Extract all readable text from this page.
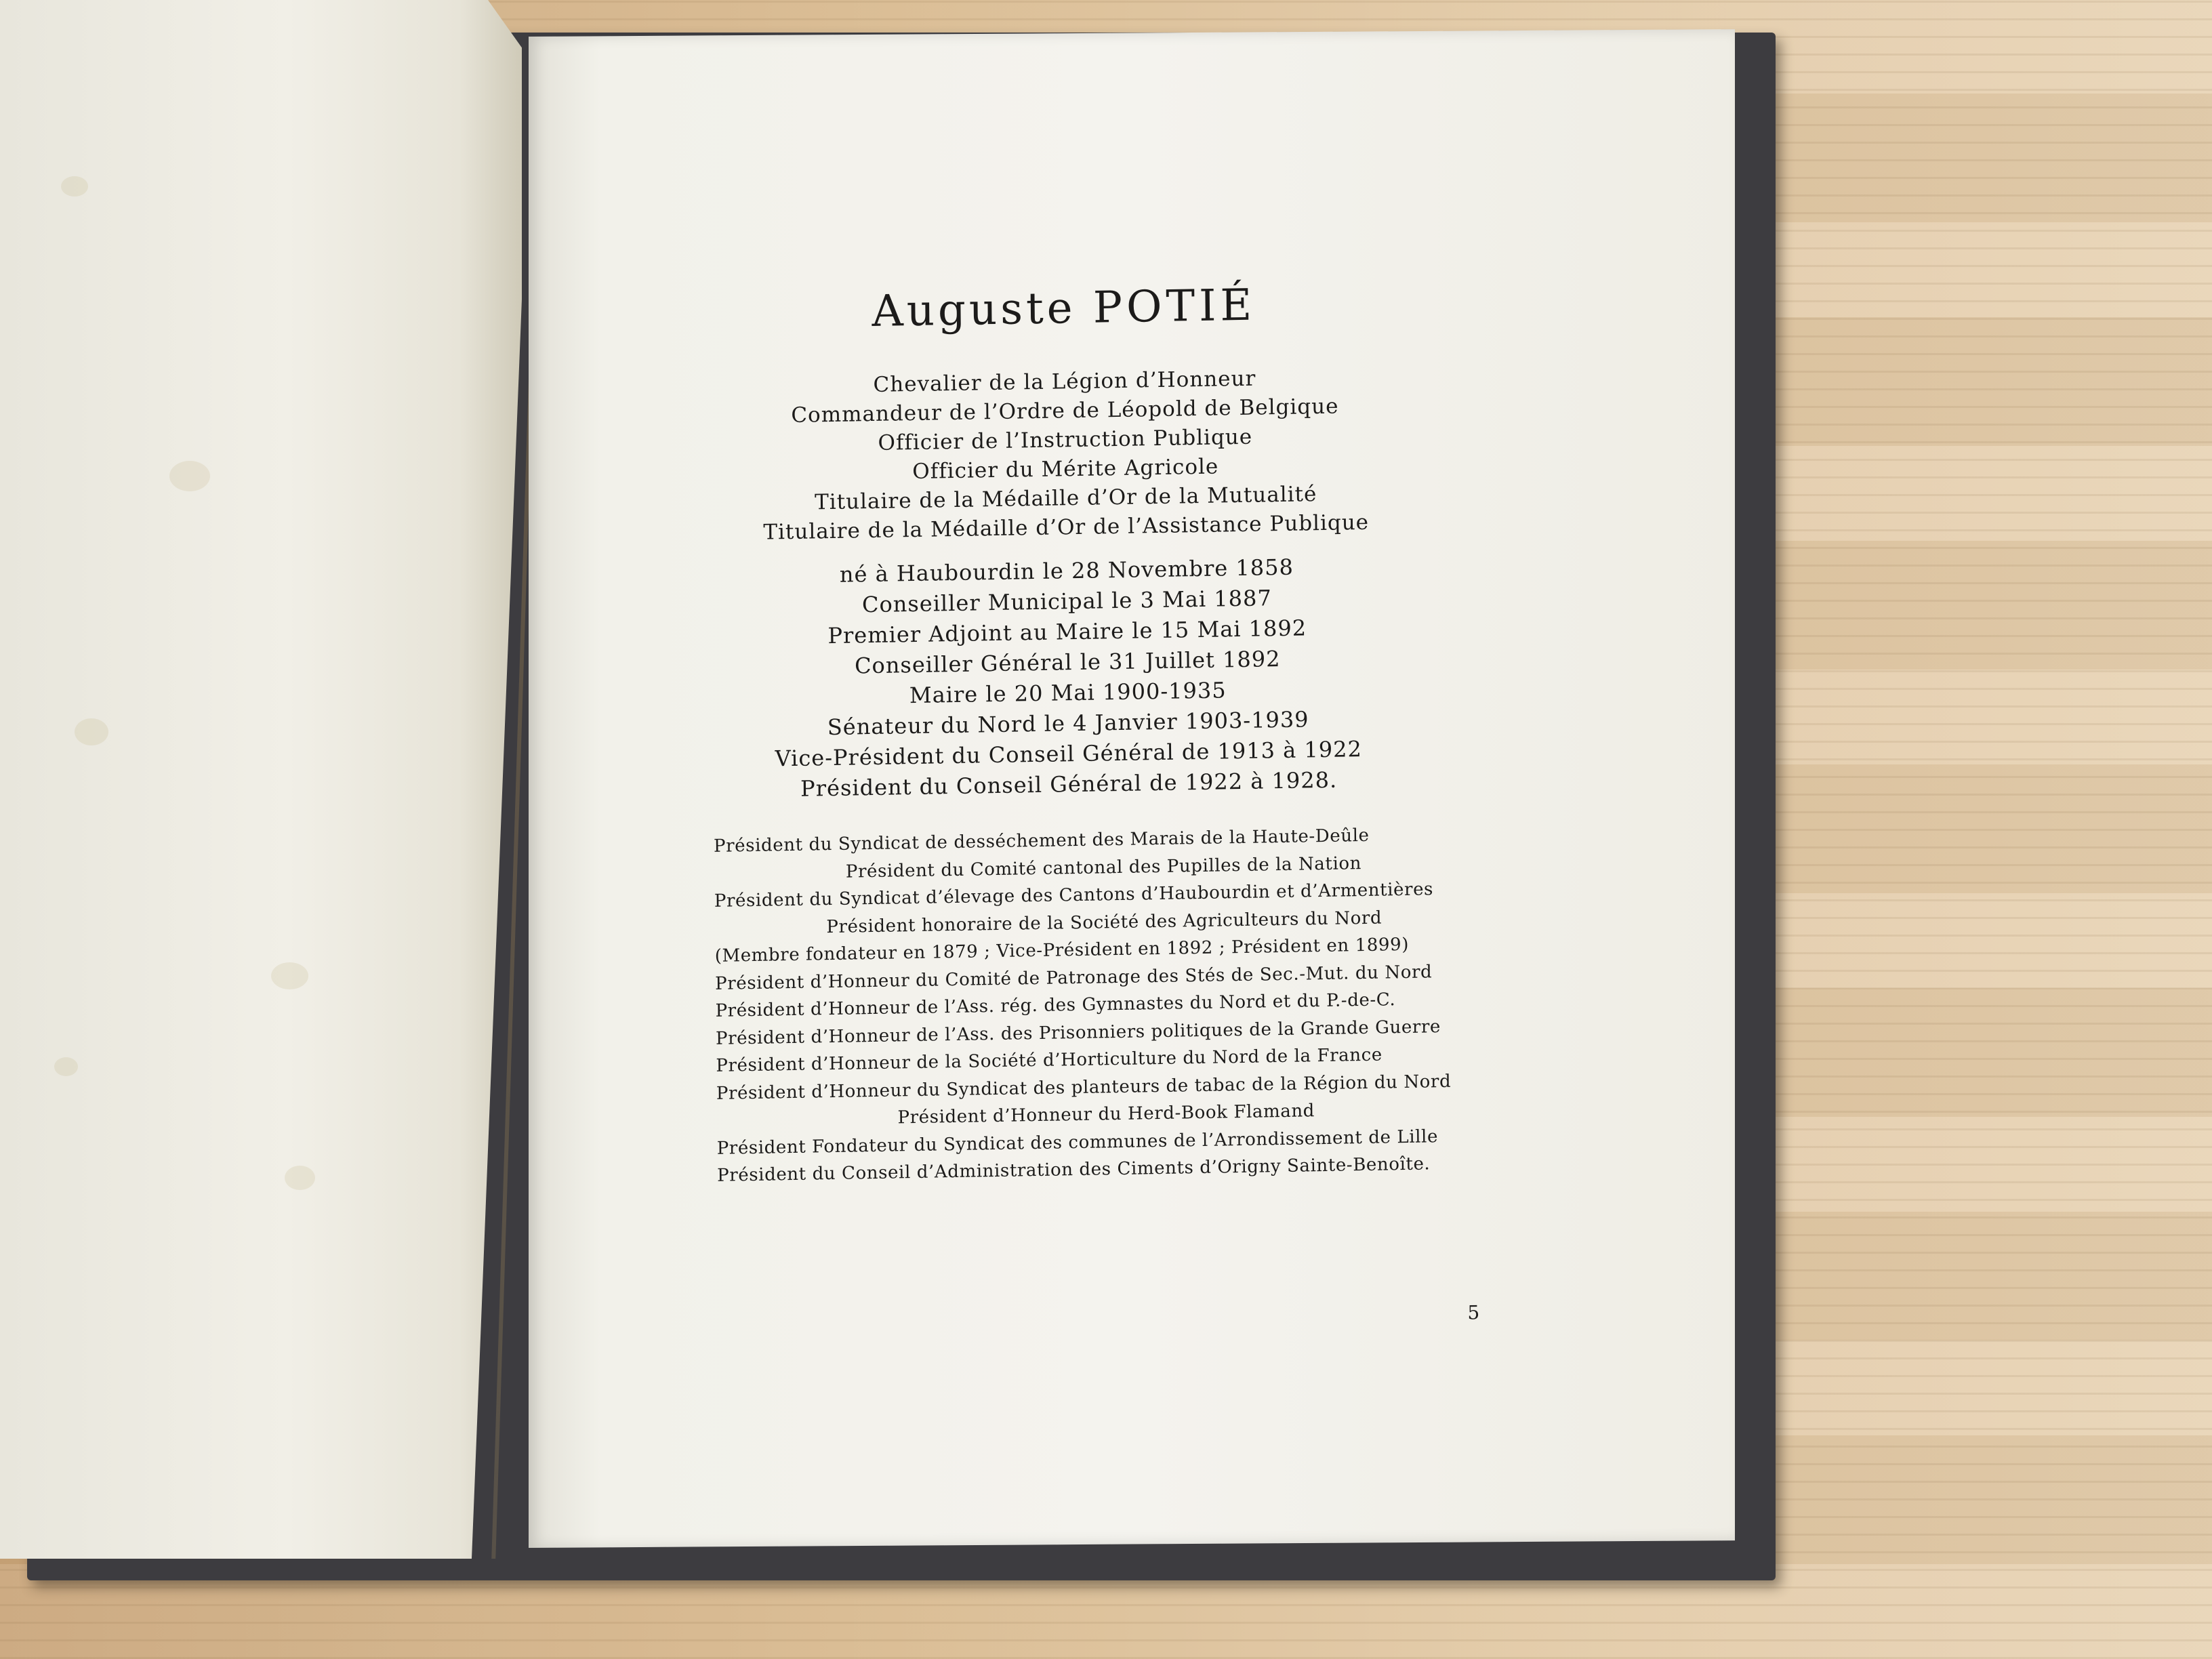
Auguste POTIÉ
Chevalier de la Légion d’Honneur
Commandeur de l’Ordre de Léopold de Belgique
Officier de l’Instruction Publique
Officier du Mérite Agricole
Titulaire de la Médaille d’Or de la Mutualité
Titulaire de la Médaille d’Or de l’Assistance Publique
né à Haubourdin le 28 Novembre 1858
Conseiller Municipal le 3 Mai 1887
Premier Adjoint au Maire le 15 Mai 1892
Conseiller Général le 31 Juillet 1892
Maire le 20 Mai 1900-1935
Sénateur du Nord le 4 Janvier 1903-1939
Vice-Président du Conseil Général de 1913 à 1922
Président du Conseil Général de 1922 à 1928.
Président du Syndicat de desséchement des Marais de la Haute-Deûle
Président du Comité cantonal des Pupilles de la Nation
Président du Syndicat d’élevage des Cantons d’Haubourdin et d’Armentières
Président honoraire de la Société des Agriculteurs du Nord
(Membre fondateur en 1879 ; Vice-Président en 1892 ; Président en 1899)
Président d’Honneur du Comité de Patronage des Stés de Sec.-Mut. du Nord
Président d’Honneur de l’Ass. rég. des Gymnastes du Nord et du P.-de-C.
Président d’Honneur de l’Ass. des Prisonniers politiques de la Grande Guerre
Président d’Honneur de la Société d’Horticulture du Nord de la France
Président d’Honneur du Syndicat des planteurs de tabac de la Région du Nord
Président d’Honneur du Herd-Book Flamand
Président Fondateur du Syndicat des communes de l’Arrondissement de Lille
Président du Conseil d’Administration des Ciments d’Origny Sainte-Benoîte.
5
